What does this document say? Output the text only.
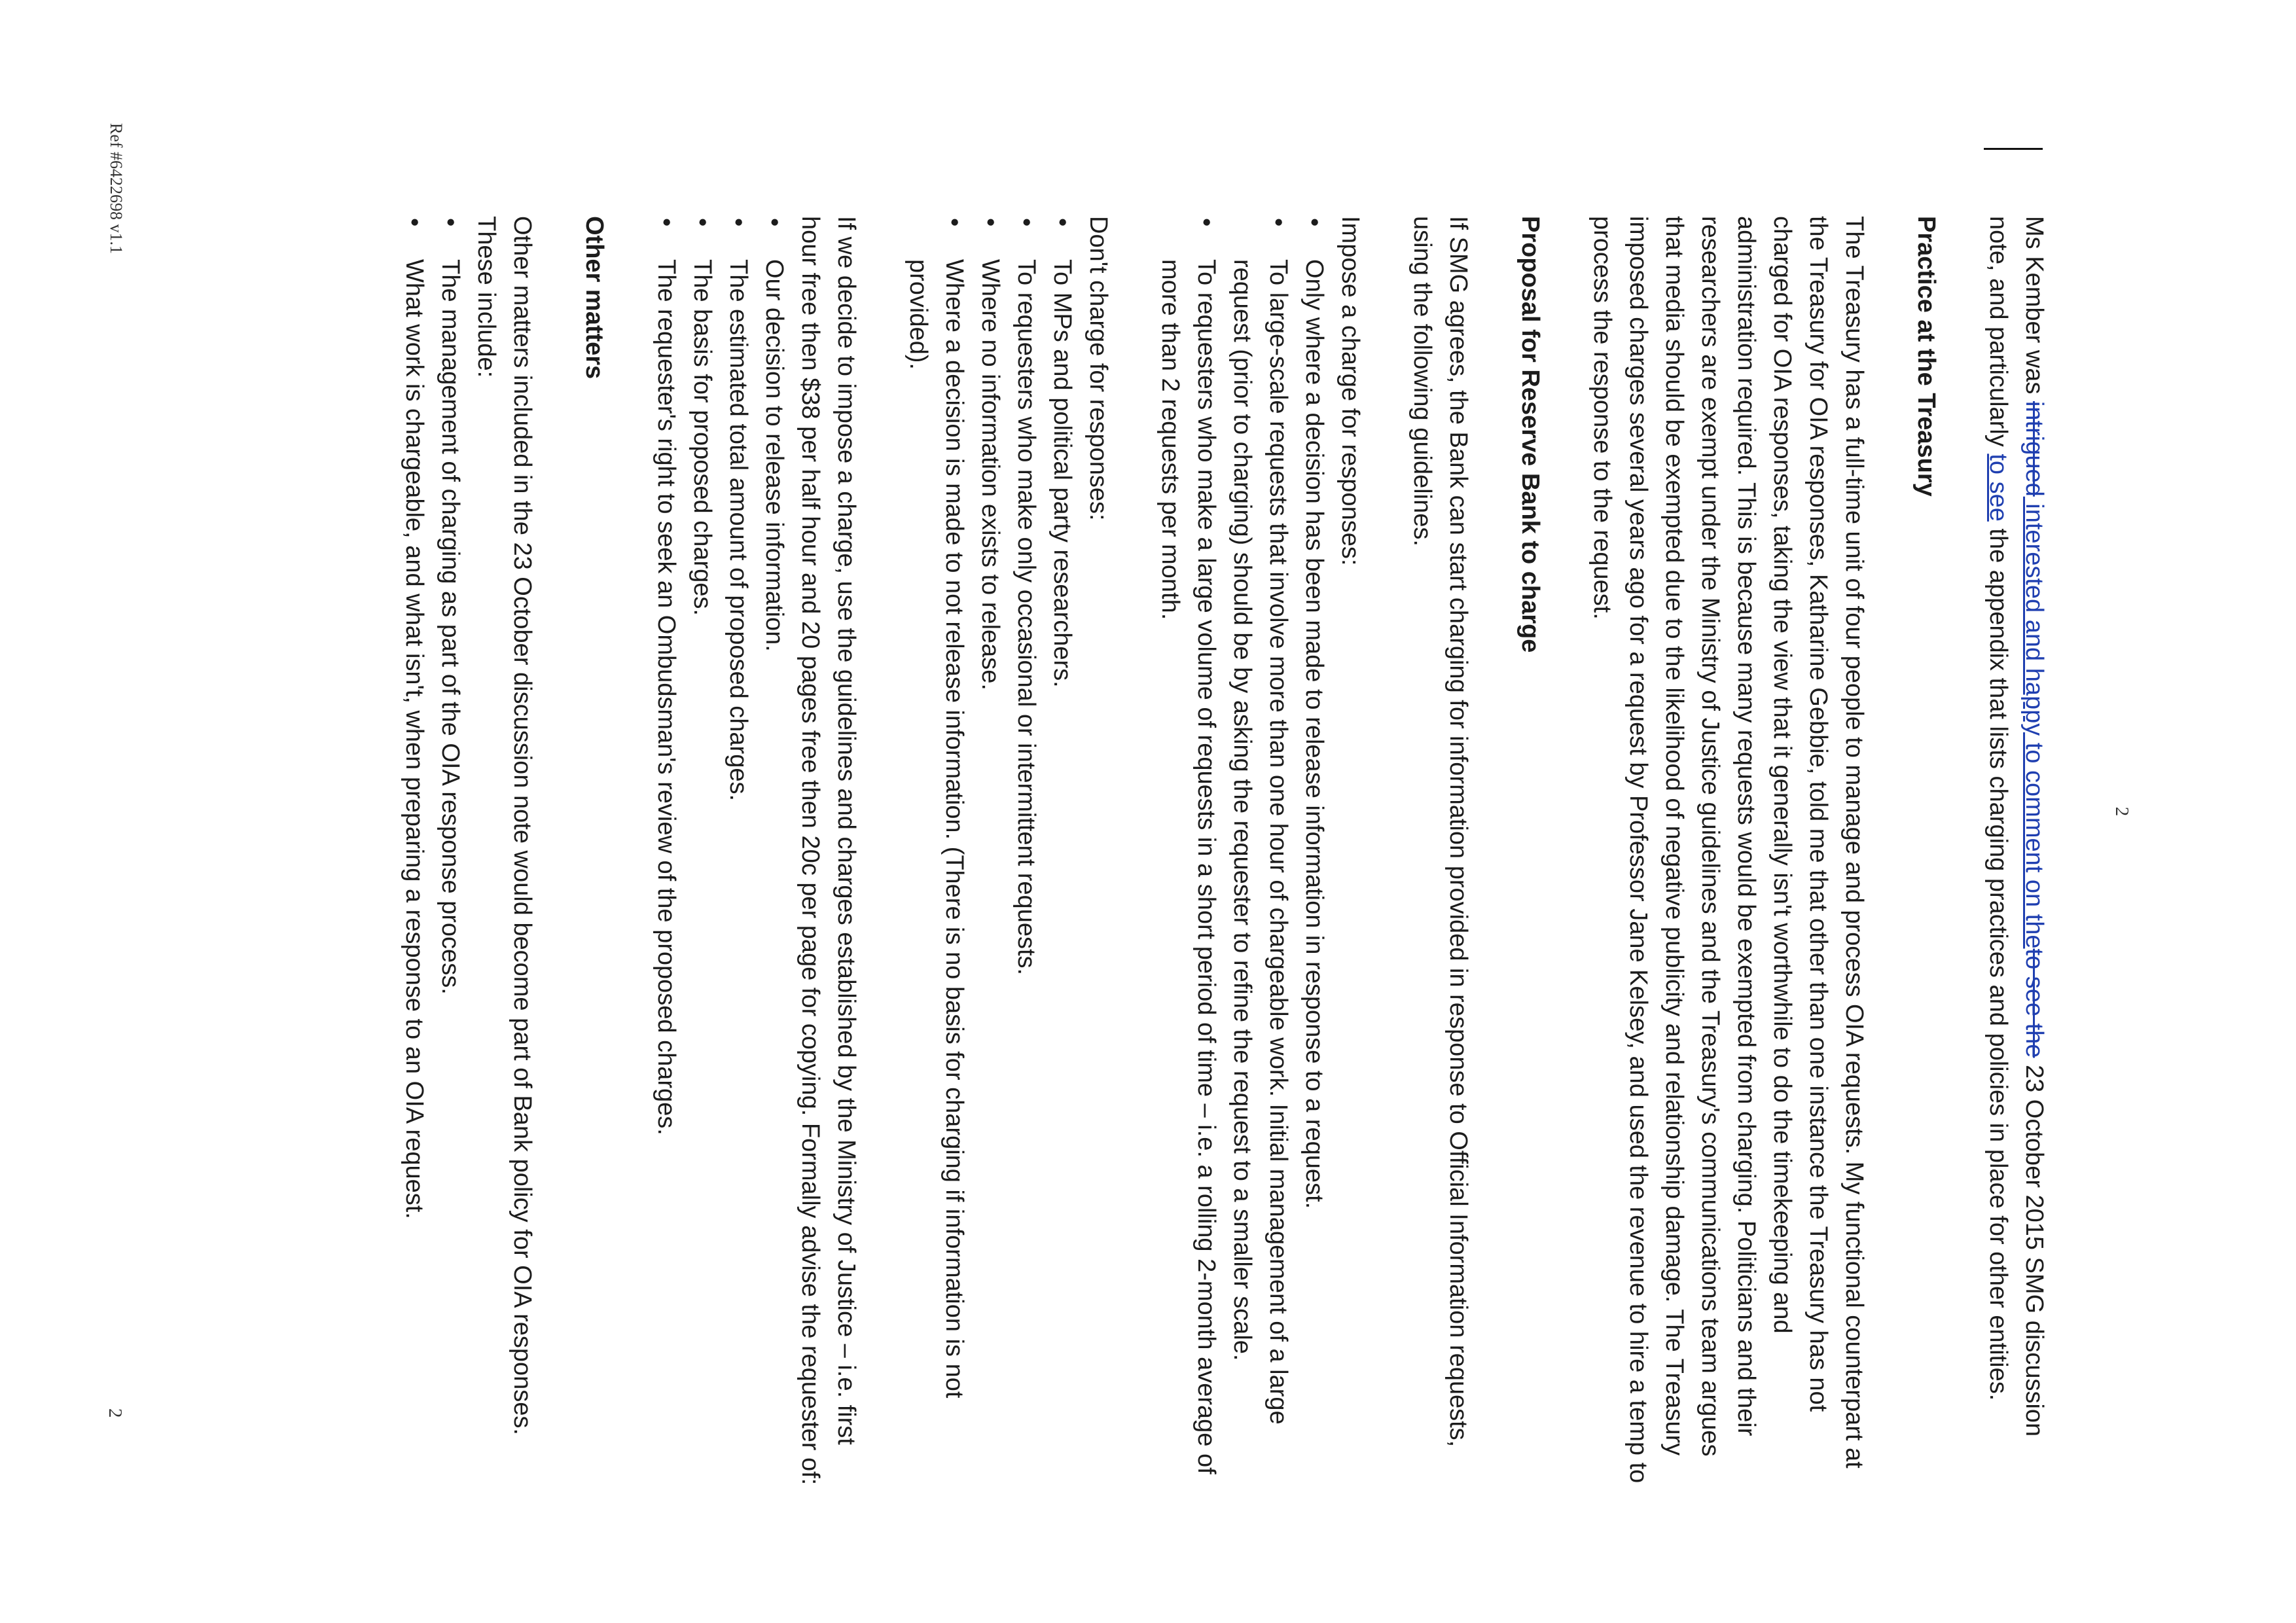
2

Ms Kember was intrigued interested and happy to comment on theto see the 23 October 2015 SMG discussion note, and particularly to see the appendix that lists charging practices and policies in place for other entities.

Practice at the Treasury

The Treasury has a full-time unit of four people to manage and process OIA requests. My functional counterpart at the Treasury for OIA responses, Katharine Gebbie, told me that other than one instance the Treasury has not charged for OIA responses, taking the view that it generally isn't worthwhile to do the timekeeping and administration required. This is because many requests would be exempted from charging. Politicians and their researchers are exempt under the Ministry of Justice guidelines and the Treasury's communications team argues that media should be exempted due to the likelihood of negative publicity and relationship damage. The Treasury imposed charges several years ago for a request by Professor Jane Kelsey, and used the revenue to hire a temp to process the response to the request.

Proposal for Reserve Bank to charge

If SMG agrees, the Bank can start charging for information provided in response to Official Information requests, using the following guidelines.

Impose a charge for responses:

• Only where a decision has been made to release information in response to a request.
• To large-scale requests that involve more than one hour of chargeable work. Initial management of a large request (prior to charging) should be by asking the requester to refine the request to a smaller scale.
• To requesters who make a large volume of requests in a short period of time – i.e. a rolling 2-month average of more than 2 requests per month.

Don't charge for responses:

• To MPs and political party researchers.
• To requesters who make only occasional or intermittent requests.
• Where no information exists to release.
• Where a decision is made to not release information. (There is no basis for charging if information is not provided).

If we decide to impose a charge, use the guidelines and charges established by the Ministry of Justice – i.e. first hour free then $38 per half hour and 20 pages free then 20c per page for copying. Formally advise the requester of:

• Our decision to release information.
• The estimated total amount of proposed charges.
• The basis for proposed charges.
• The requester's right to seek an Ombudsman's review of the proposed charges.
Other matters

Other matters included in the 23 October discussion note would become part of Bank policy for OIA responses. These include:

• The management of charging as part of the OIA response process.
• What work is chargeable, and what isn't, when preparing a response to an OIA request.
Ref #6422698 v1.1
2
